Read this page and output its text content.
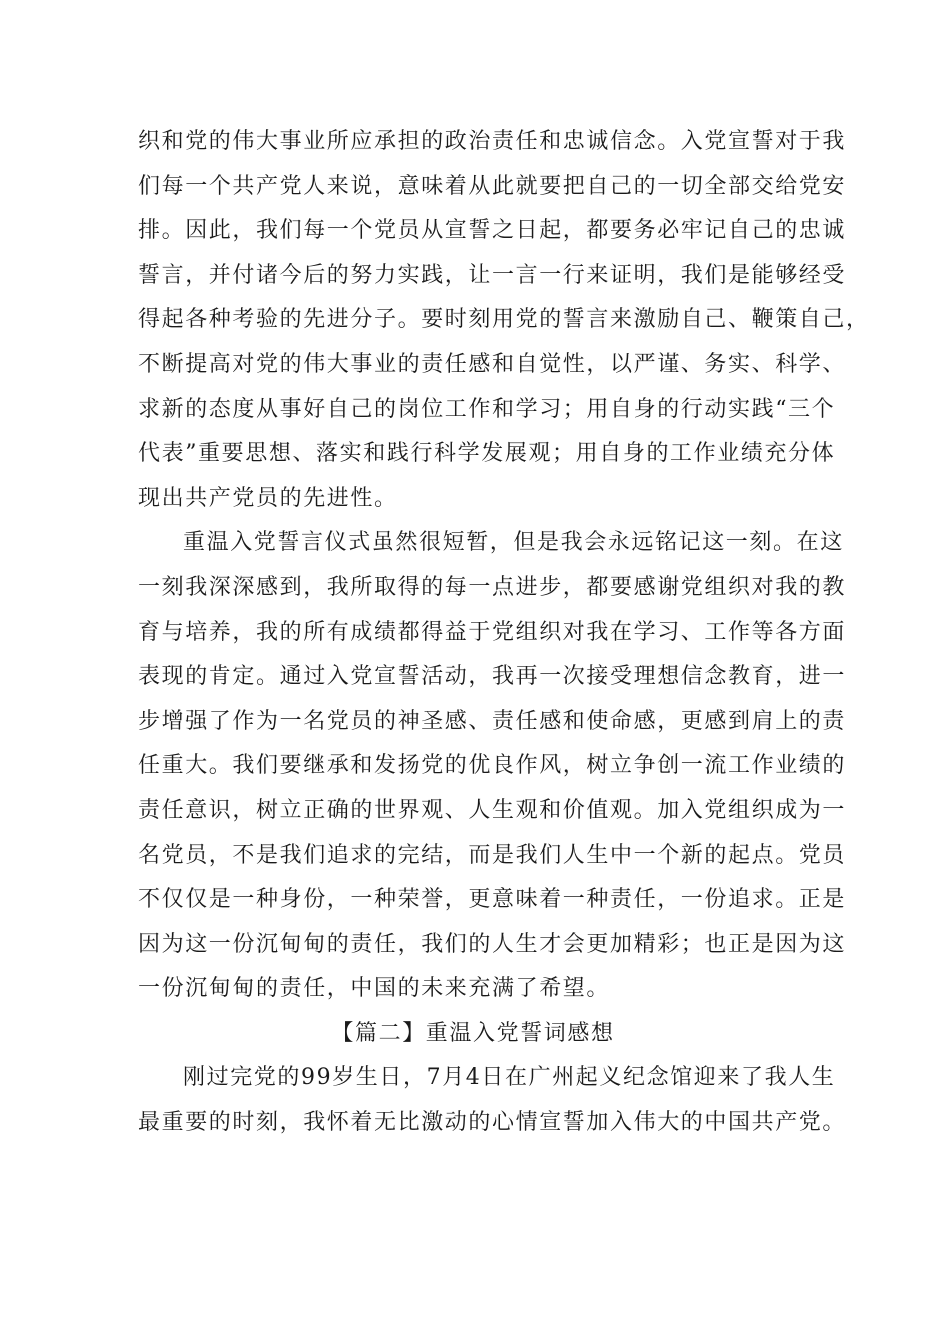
织和党的伟大事业所应承担的政治责任和忠诚信念。入党宣誓对于我
们每一个共产党人来说，意味着从此就要把自己的一切全部交给党安
排。因此，我们每一个党员从宣誓之日起，都要务必牢记自己的忠诚
誓言，并付诸今后的努力实践，让一言一行来证明，我们是能够经受
得起各种考验的先进分子。要时刻用党的誓言来激励自己、鞭策自己，
不断提高对党的伟大事业的责任感和自觉性，以严谨、务实、科学、
求新的态度从事好自己的岗位工作和学习；用自身的行动实践“三个
代表”重要思想、落实和践行科学发展观；用自身的工作业绩充分体
现出共产党员的先进性。
重温入党誓言仪式虽然很短暂，但是我会永远铭记这一刻。在这
一刻我深深感到，我所取得的每一点进步，都要感谢党组织对我的教
育与培养，我的所有成绩都得益于党组织对我在学习、工作等各方面
表现的肯定。通过入党宣誓活动，我再一次接受理想信念教育，进一
步增强了作为一名党员的神圣感、责任感和使命感，更感到肩上的责
任重大。我们要继承和发扬党的优良作风，树立争创一流工作业绩的
责任意识，树立正确的世界观、人生观和价值观。加入党组织成为一
名党员，不是我们追求的完结，而是我们人生中一个新的起点。党员
不仅仅是一种身份，一种荣誉，更意味着一种责任，一份追求。正是
因为这一份沉甸甸的责任，我们的人生才会更加精彩；也正是因为这
一份沉甸甸的责任，中国的未来充满了希望。
【篇二】重温入党誓词感想
刚过完党的99岁生日，7月4日在广州起义纪念馆迎来了我人生
最重要的时刻，我怀着无比激动的心情宣誓加入伟大的中国共产党。
